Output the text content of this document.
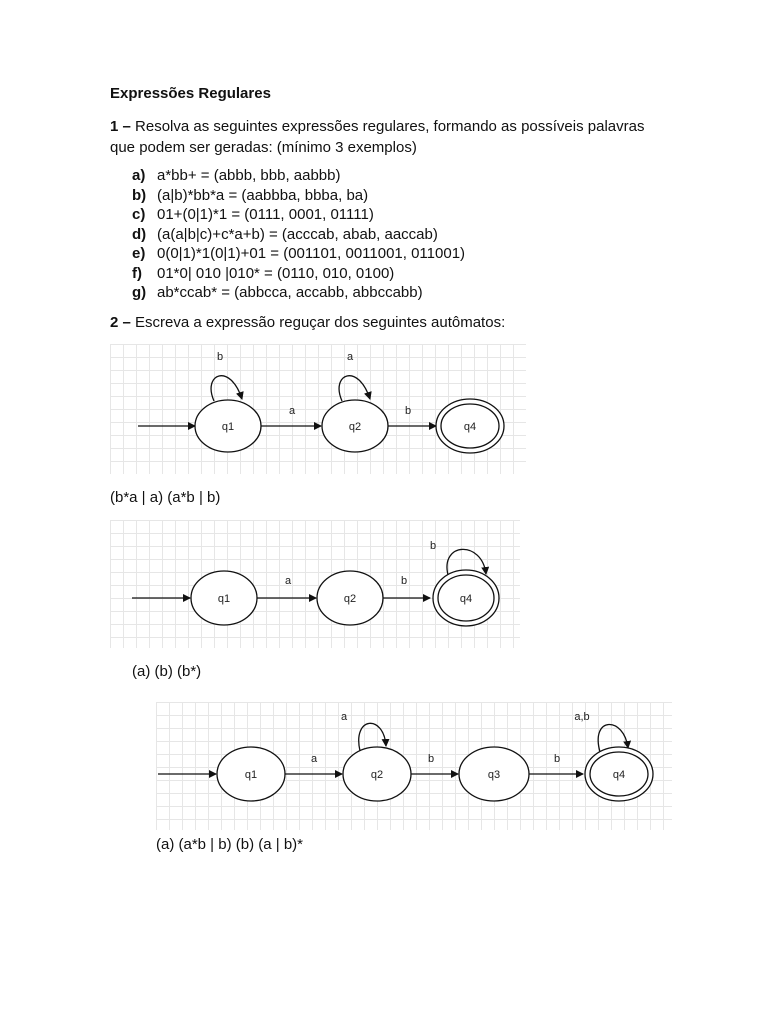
Expressões Regulares
1 – Resolva as seguintes expressões regulares, formando as possíveis palavras que podem ser geradas: (mínimo 3 exemplos)
a) a*bb+ = (abbb, bbb, aabbb)
b) (a|b)*bb*a = (aabbba, bbba, ba)
c) 01+(0|1)*1 = (0111, 0001, 01111)
d) (a(a|b|c)+c*a+b) = (acccab, abab, aaccab)
e) 0(0|1)*1(0|1)+01 = (001101, 0011001, 011001)
f) 01*0| 010 |010* = (0110, 010, 0100)
g) ab*ccab* = (abbcca, accabb, abbccabb)
2 – Escreva a expressão reguçar dos seguintes autômatos:
q1
b
a
q2
a
b
q4
(b*a | a) (a*b | b)
q1
a
q2
b
q4
b
(a) (b) (b*)
q1
a
q2
a
b
q3
b
q4
a,b
(a) (a*b | b) (b) (a | b)*
